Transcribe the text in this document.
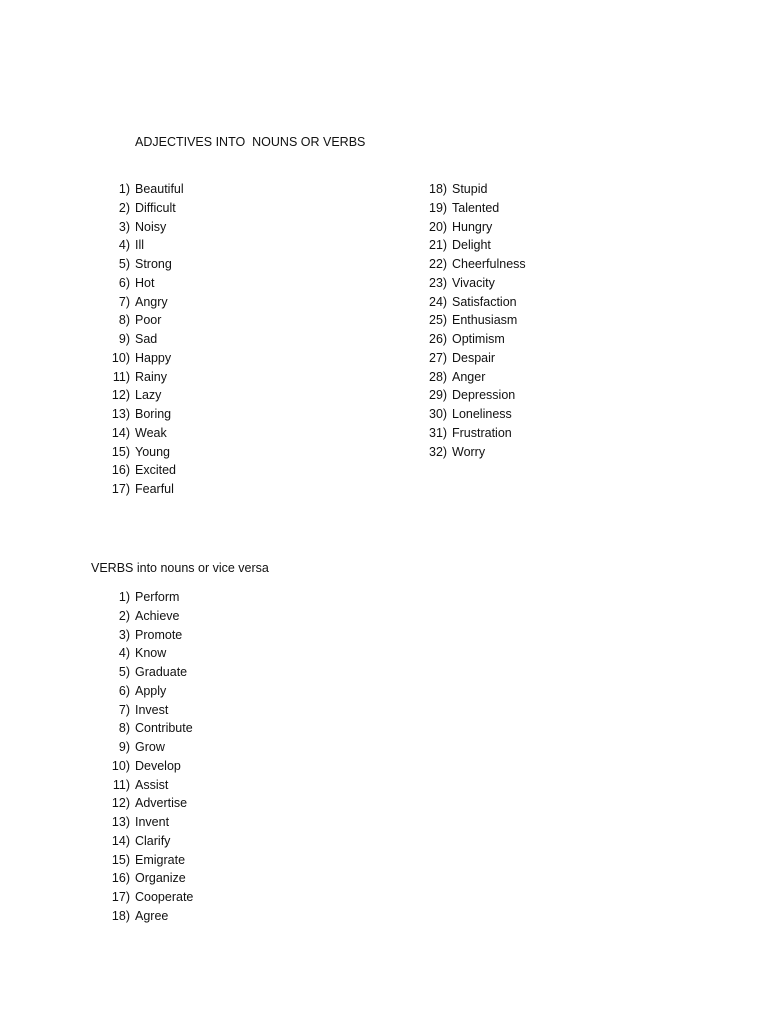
ADJECTIVES INTO  NOUNS OR VERBS
1) Beautiful
2) Difficult
3) Noisy
4) Ill
5) Strong
6) Hot
7) Angry
8) Poor
9) Sad
10) Happy
11) Rainy
12) Lazy
13) Boring
14) Weak
15) Young
16) Excited
17) Fearful
18) Stupid
19) Talented
20) Hungry
21) Delight
22) Cheerfulness
23) Vivacity
24) Satisfaction
25) Enthusiasm
26) Optimism
27) Despair
28) Anger
29) Depression
30) Loneliness
31) Frustration
32) Worry
VERBS into nouns or vice versa
1) Perform
2) Achieve
3) Promote
4) Know
5) Graduate
6) Apply
7) Invest
8) Contribute
9) Grow
10) Develop
11) Assist
12) Advertise
13) Invent
14) Clarify
15) Emigrate
16) Organize
17) Cooperate
18) Agree
